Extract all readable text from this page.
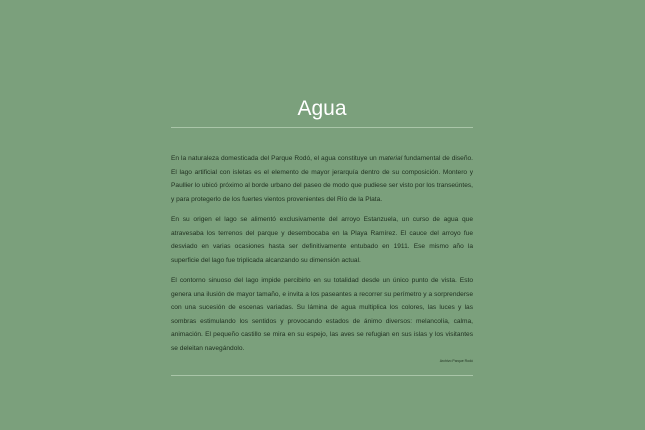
Agua

En la naturaleza domesticada del Parque Rodó, el agua constituye un material fundamental de diseño. El lago artificial con isletas es el elemento de mayor jerarquía dentro de su composición. Montero y Paullier lo ubicó próximo al borde urbano del paseo de modo que pudiese ser visto por los transeúntes, y para protegerlo de los fuertes vientos provenientes del Río de la Plata.

En su origen el lago se alimentó exclusivamente del arroyo Estanzuela, un curso de agua que atravesaba los terrenos del parque y desembocaba en la Playa Ramírez. El cauce del arroyo fue desviado en varias ocasiones hasta ser definitivamente entubado en 1911. Ese mismo año la superficie del lago fue triplicada alcanzando su dimensión actual.

El contorno sinuoso del lago impide percibirlo en su totalidad desde un único punto de vista. Esto genera una ilusión de mayor tamaño, e invita a los paseantes a recorrer su perímetro y a sorprenderse con una sucesión de escenas variadas. Su lámina de agua multiplica los colores, las luces y las sombras estimulando los sentidos y provocando estados de ánimo diversos: melancolía, calma, animación. El pequeño castillo se mira en su espejo, las aves se refugian en sus islas y los visitantes se deleitan navegándolo.

Archivo Parque Rodó
